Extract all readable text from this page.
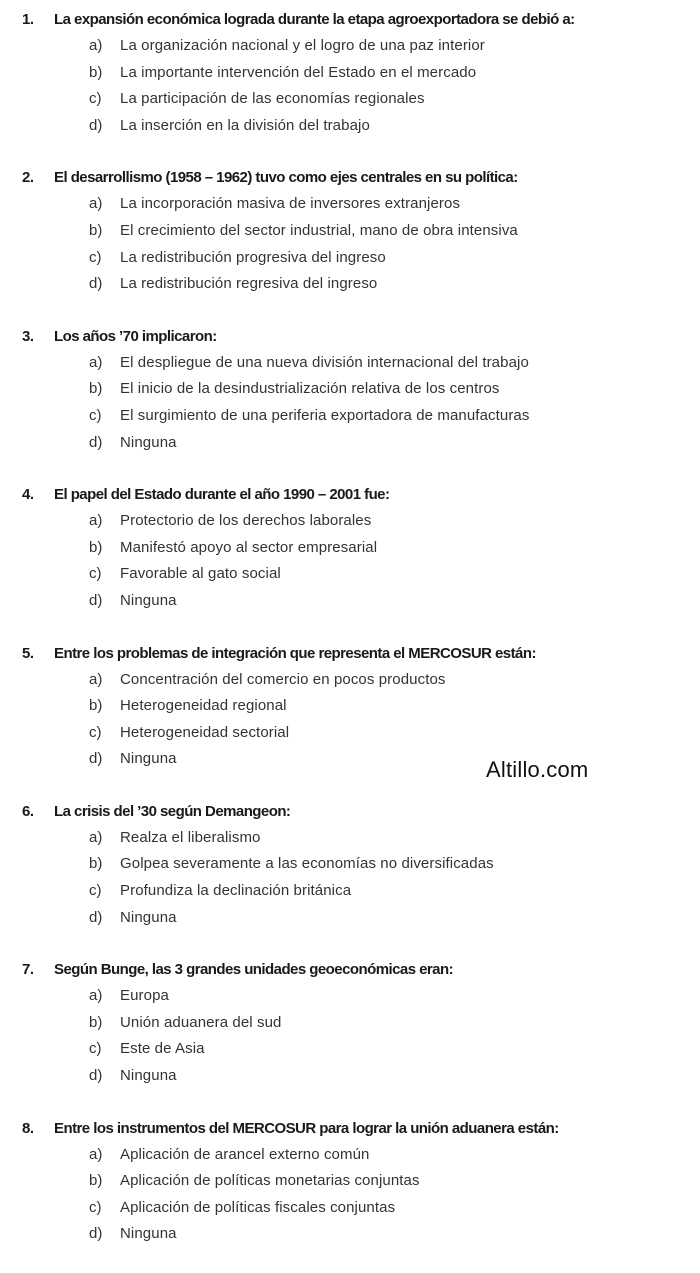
1.	La expansión económica lograda durante la etapa agroexportadora se debió a:
a)	La organización nacional y el logro de una paz interior
b)	La importante intervención del Estado en el mercado
c)	La participación de las economías regionales
d)	La inserción en la división del trabajo
2.	El desarrollismo (1958 – 1962) tuvo como ejes centrales en su política:
a)	La incorporación masiva de inversores extranjeros
b)	El crecimiento del sector industrial, mano de obra intensiva
c)	La redistribución progresiva del ingreso
d)	La redistribución regresiva del ingreso
3.	Los años ’70 implicaron:
a)	El despliegue de una nueva división internacional del trabajo
b)	El inicio de la desindustrialización relativa de los centros
c)	El surgimiento de una periferia exportadora de manufacturas
d)	Ninguna
4.	El papel del Estado durante el año 1990 – 2001 fue:
a)	Protectorio de los derechos laborales
b)	Manifestó apoyo al sector empresarial
c)	Favorable al gato social
d)	Ninguna
5.	Entre los problemas de integración que representa el MERCOSUR están:
a)	Concentración del comercio en pocos productos
b)	Heterogeneidad regional
c)	Heterogeneidad sectorial
d)	Ninguna
6.	La crisis del ’30 según Demangeon:
a)	Realza el liberalismo
b)	Golpea severamente a las economías no diversificadas
c)	Profundiza la declinación británica
d)	Ninguna
7.	Según Bunge, las 3 grandes unidades geoeconómicas eran:
a)	Europa
b)	Unión aduanera del sud
c)	Este de Asia
d)	Ninguna
8.	Entre los instrumentos del MERCOSUR para lograr la unión aduanera están:
a)	Aplicación de arancel externo común
b)	Aplicación de políticas monetarias conjuntas
c)	Aplicación de políticas fiscales conjuntas
d)	Ninguna
Altillo.com
